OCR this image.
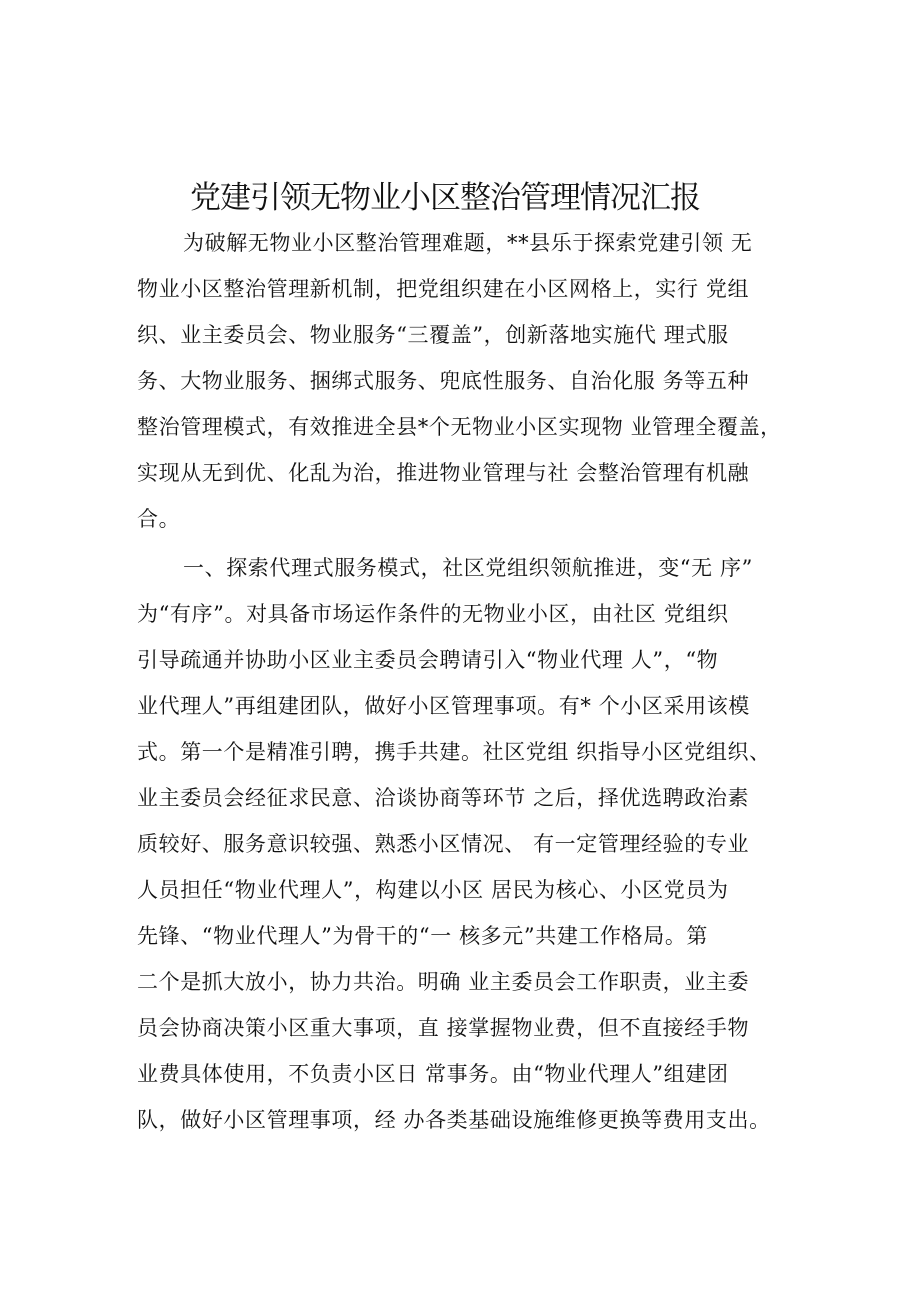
党建引领无物业小区整治管理情况汇报
为破解无物业小区整治管理难题，**县乐于探索党建引领 无
物业小区整治管理新机制，把党组织建在小区网格上，实行 党组
织、业主委员会、物业服务“三覆盖”，创新落地实施代 理式服
务、大物业服务、捆绑式服务、兜底性服务、自治化服 务等五种
整治管理模式，有效推进全县*个无物业小区实现物 业管理全覆盖，
实现从无到优、化乱为治，推进物业管理与社 会整治管理有机融
合。
一、探索代理式服务模式，社区党组织领航推进，变“无 序”
为“有序”。对具备市场运作条件的无物业小区，由社区 党组织
引导疏通并协助小区业主委员会聘请引入“物业代理 人”，“物
业代理人”再组建团队，做好小区管理事项。有* 个小区采用该模
式。第一个是精准引聘，携手共建。社区党组 织指导小区党组织、
业主委员会经征求民意、洽谈协商等环节 之后，择优选聘政治素
质较好、服务意识较强、熟悉小区情况、 有一定管理经验的专业
人员担任“物业代理人”，构建以小区 居民为核心、小区党员为
先锋、“物业代理人”为骨干的“一 核多元”共建工作格局。第
二个是抓大放小，协力共治。明确 业主委员会工作职责，业主委
员会协商决策小区重大事项，直 接掌握物业费，但不直接经手物
业费具体使用，不负责小区日 常事务。由“物业代理人”组建团
队，做好小区管理事项，经 办各类基础设施维修更换等费用支出。
